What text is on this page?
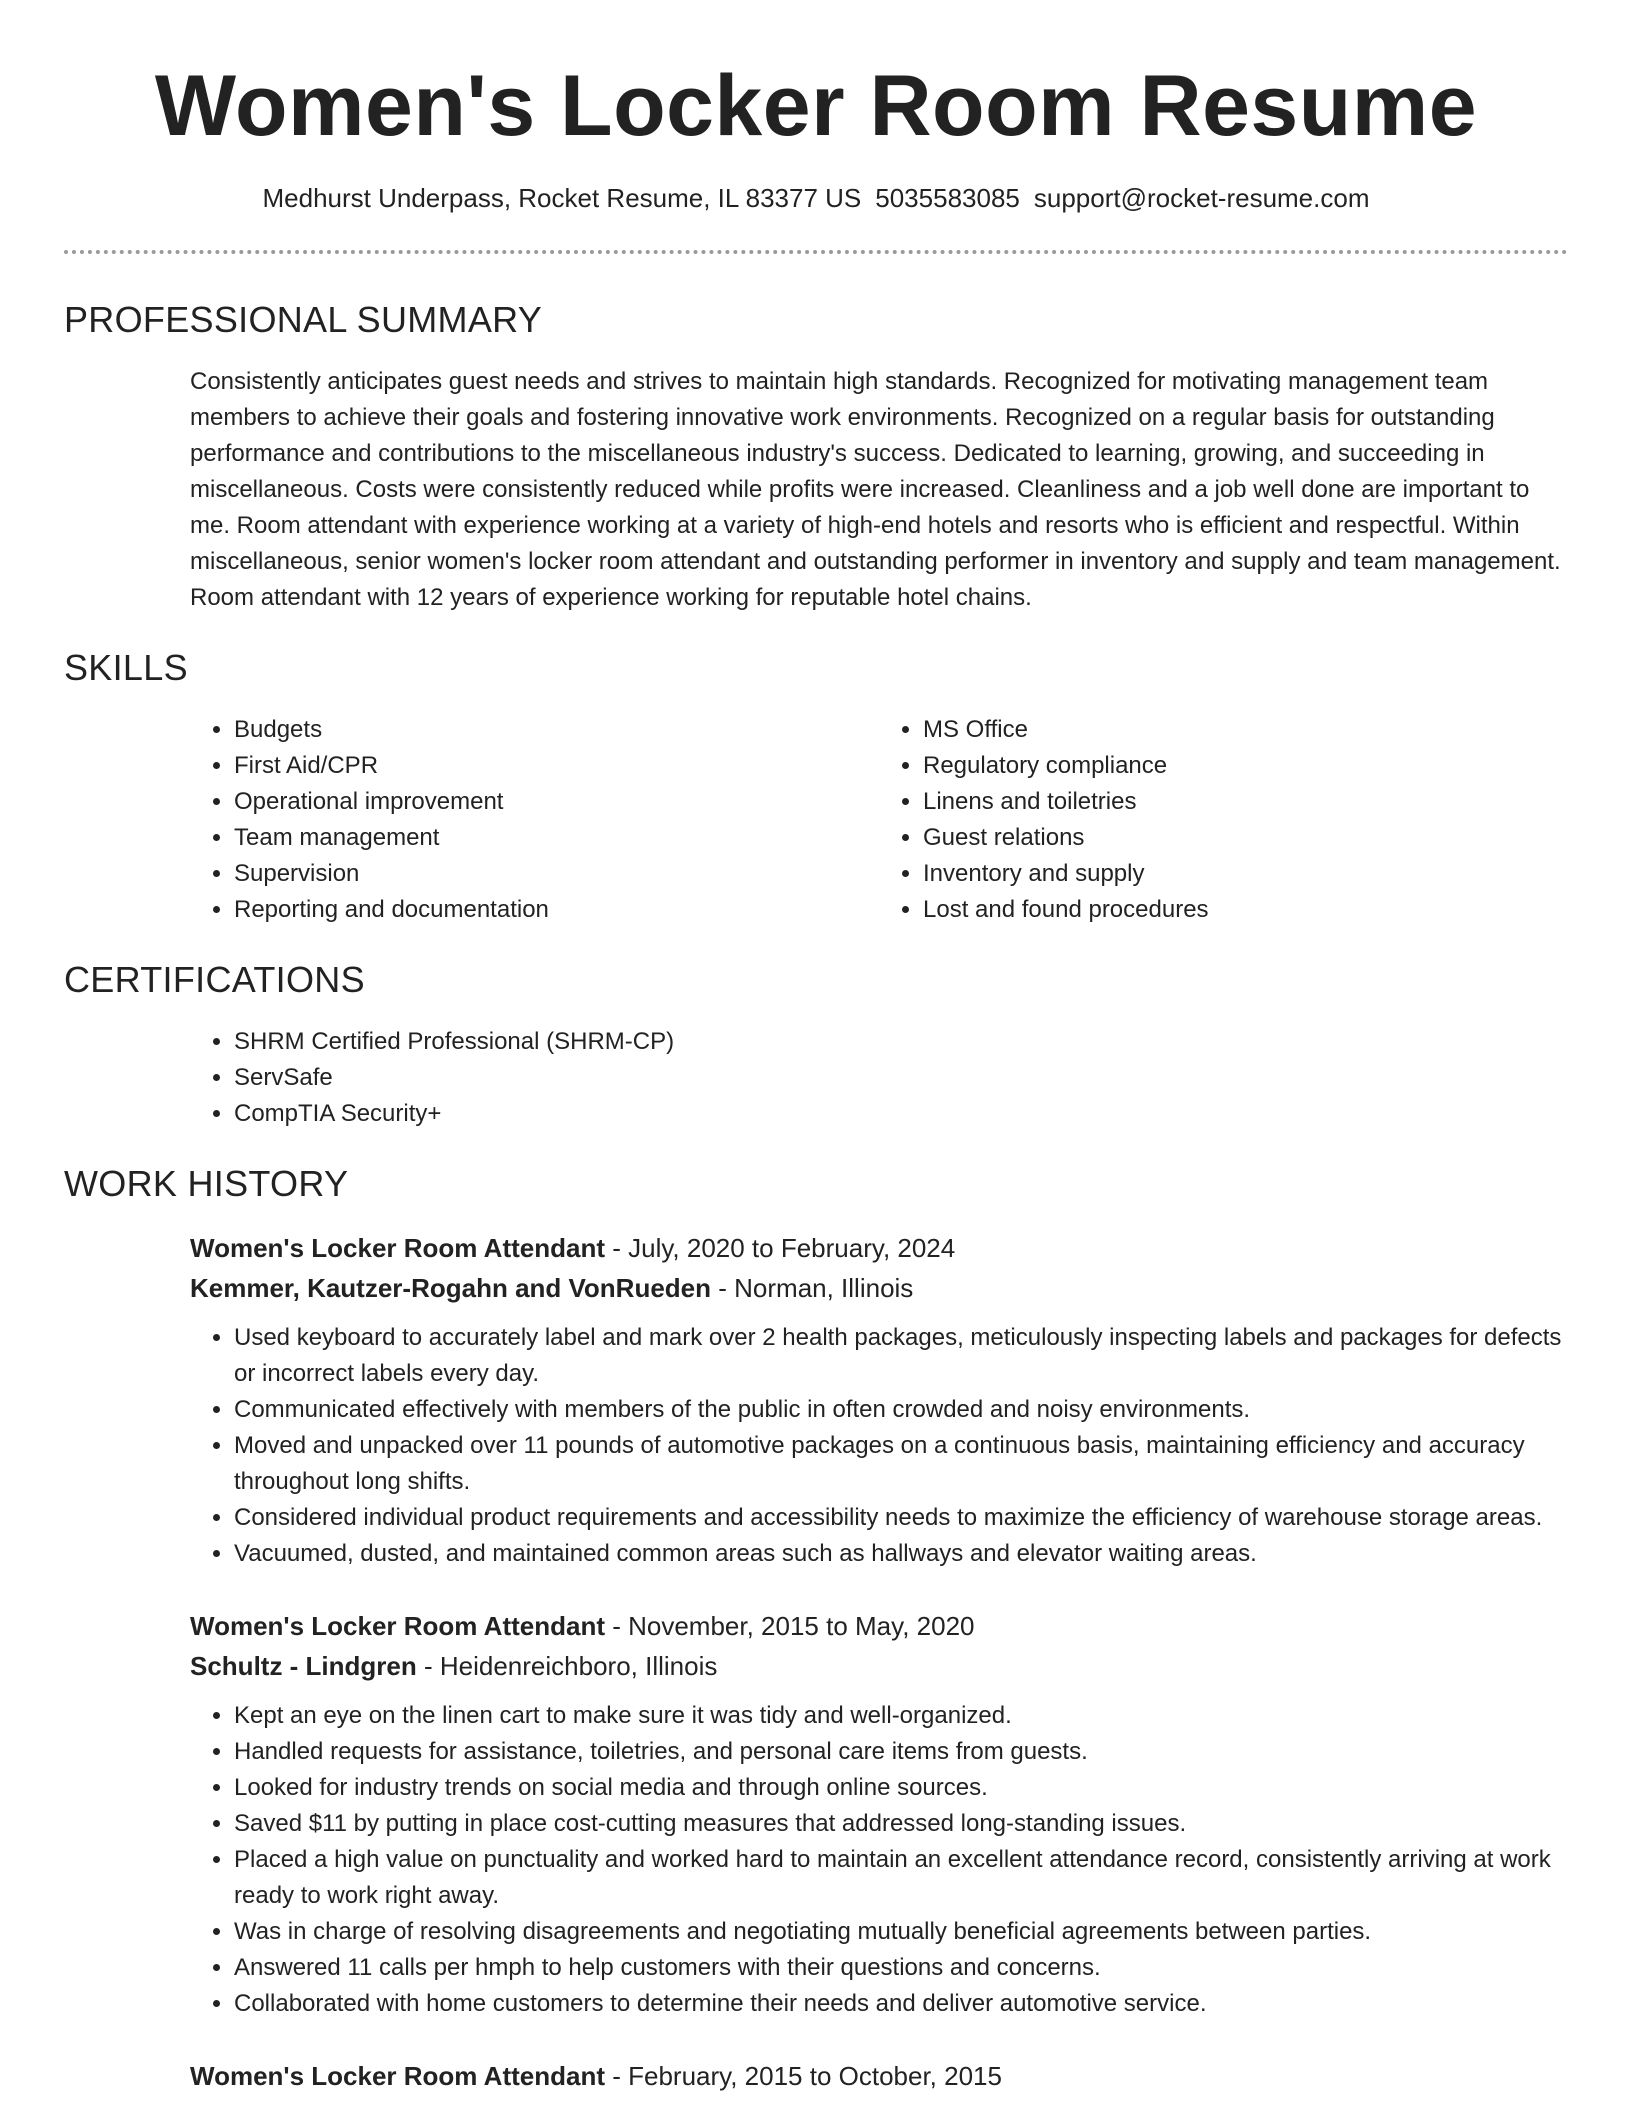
Women's Locker Room Resume
Medhurst Underpass, Rocket Resume, IL 83377 US 5035583085 support@rocket-resume.com
PROFESSIONAL SUMMARY
Consistently anticipates guest needs and strives to maintain high standards. Recognized for motivating management team members to achieve their goals and fostering innovative work environments. Recognized on a regular basis for outstanding performance and contributions to the miscellaneous industry's success. Dedicated to learning, growing, and succeeding in miscellaneous. Costs were consistently reduced while profits were increased. Cleanliness and a job well done are important to me. Room attendant with experience working at a variety of high-end hotels and resorts who is efficient and respectful. Within miscellaneous, senior women's locker room attendant and outstanding performer in inventory and supply and team management. Room attendant with 12 years of experience working for reputable hotel chains.
SKILLS
• Budgets
• First Aid/CPR
• Operational improvement
• Team management
• Supervision
• Reporting and documentation
• MS Office
• Regulatory compliance
• Linens and toiletries
• Guest relations
• Inventory and supply
• Lost and found procedures
CERTIFICATIONS
• SHRM Certified Professional (SHRM-CP)
• ServSafe
• CompTIA Security+
WORK HISTORY
Women's Locker Room Attendant - July, 2020 to February, 2024
Kemmer, Kautzer-Rogahn and VonRueden - Norman, Illinois
• Used keyboard to accurately label and mark over 2 health packages, meticulously inspecting labels and packages for defects or incorrect labels every day.
• Communicated effectively with members of the public in often crowded and noisy environments.
• Moved and unpacked over 11 pounds of automotive packages on a continuous basis, maintaining efficiency and accuracy throughout long shifts.
• Considered individual product requirements and accessibility needs to maximize the efficiency of warehouse storage areas.
• Vacuumed, dusted, and maintained common areas such as hallways and elevator waiting areas.
Women's Locker Room Attendant - November, 2015 to May, 2020
Schultz - Lindgren - Heidenreichboro, Illinois
• Kept an eye on the linen cart to make sure it was tidy and well-organized.
• Handled requests for assistance, toiletries, and personal care items from guests.
• Looked for industry trends on social media and through online sources.
• Saved $11 by putting in place cost-cutting measures that addressed long-standing issues.
• Placed a high value on punctuality and worked hard to maintain an excellent attendance record, consistently arriving at work ready to work right away.
• Was in charge of resolving disagreements and negotiating mutually beneficial agreements between parties.
• Answered 11 calls per hmph to help customers with their questions and concerns.
• Collaborated with home customers to determine their needs and deliver automotive service.
Women's Locker Room Attendant - February, 2015 to October, 2015
